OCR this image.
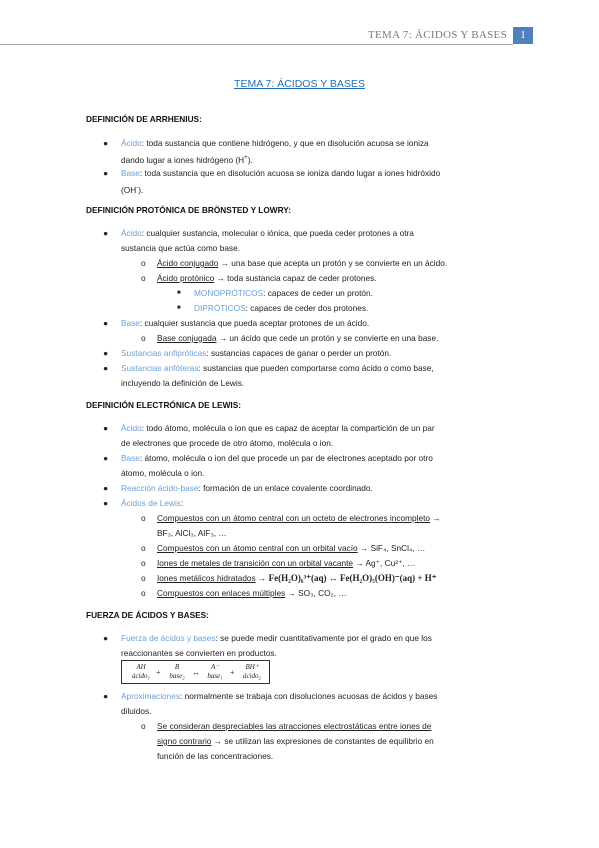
TEMA 7: ÁCIDOS Y BASES	1
TEMA 7: ÁCIDOS Y BASES
DEFINICIÓN DE ARRHENIUS:
● Ácido: toda sustancia que contiene hidrógeno, y que en disolución acuosa se ioniza
dando lugar a iones hidrógeno (H+).
● Base: toda sustancia que en disolución acuosa se ioniza dando lugar a iones hidróxido
(OH-).
DEFINICIÓN PROTÓNICA DE BRÖNSTED Y LOWRY:
● Ácido: cualquier sustancia, molecular o iónica, que pueda ceder protones a otra
sustancia que actúa como base.
o Ácido conjugado → una base que acepta un protón y se convierte en un ácido.
o Ácido protónico → toda sustancia capaz de ceder protones.
■ MONOPRÓTICOS: capaces de ceder un protón.
■ DIPRÓTICOS: capaces de ceder dos protones.
● Base: cualquier sustancia que pueda aceptar protones de un ácido.
o Base conjugada → un ácido que cede un protón y se convierte en una base.
● Sustancias anfipróticas: sustancias capaces de ganar o perder un protón.
● Sustancias anfóteras: sustancias que pueden comportarse como ácido o como base,
incluyendo la definición de Lewis.
DEFINICIÓN ELECTRÓNICA DE LEWIS:
● Ácido: todo átomo, molécula o ion que es capaz de aceptar la compartición de un par
de electrones que procede de otro átomo, molécula o ion.
● Base: átomo, molécula o ion del que procede un par de electrones aceptado por otro
átomo, molécula o ion.
● Reacción ácido-base: formación de un enlace covalente coordinado.
● Ácidos de Lewis:
o Compuestos con un átomo central con un octeto de electrones incompleto →
BF₃, AlCl₃, AlF₃, …
o Compuestos con un átomo central con un orbital vacío → SiF₄, SnCl₄, …
o Iones de metales de transición con un orbital vacante → Ag⁺, Cu²⁺, …
o Iones metálicos hidratados → Fe(H₂O)₆³⁺(aq) ↔ Fe(H₂O)₅(OH)⁻(aq) + H⁺
o Compuestos con enlaces múltiples → SO₃, CO₂, …
FUERZA DE ÁCIDOS Y BASES:
● Fuerza de ácidos y bases: se puede medir cuantitativamente por el grado en que los
reaccionantes se convierten en productos.
AH
ácido₁ +
B
base₂ ↔
A⁻
base₁ +
BH⁺
ácido₂
● Aproximaciones: normalmente se trabaja con disoluciones acuosas de ácidos y bases
diluidos.
o Se consideran despreciables las atracciones electrostáticas entre iones de
signo contrario → se utilizan las expresiones de constantes de equilibrio en
función de las concentraciones.
